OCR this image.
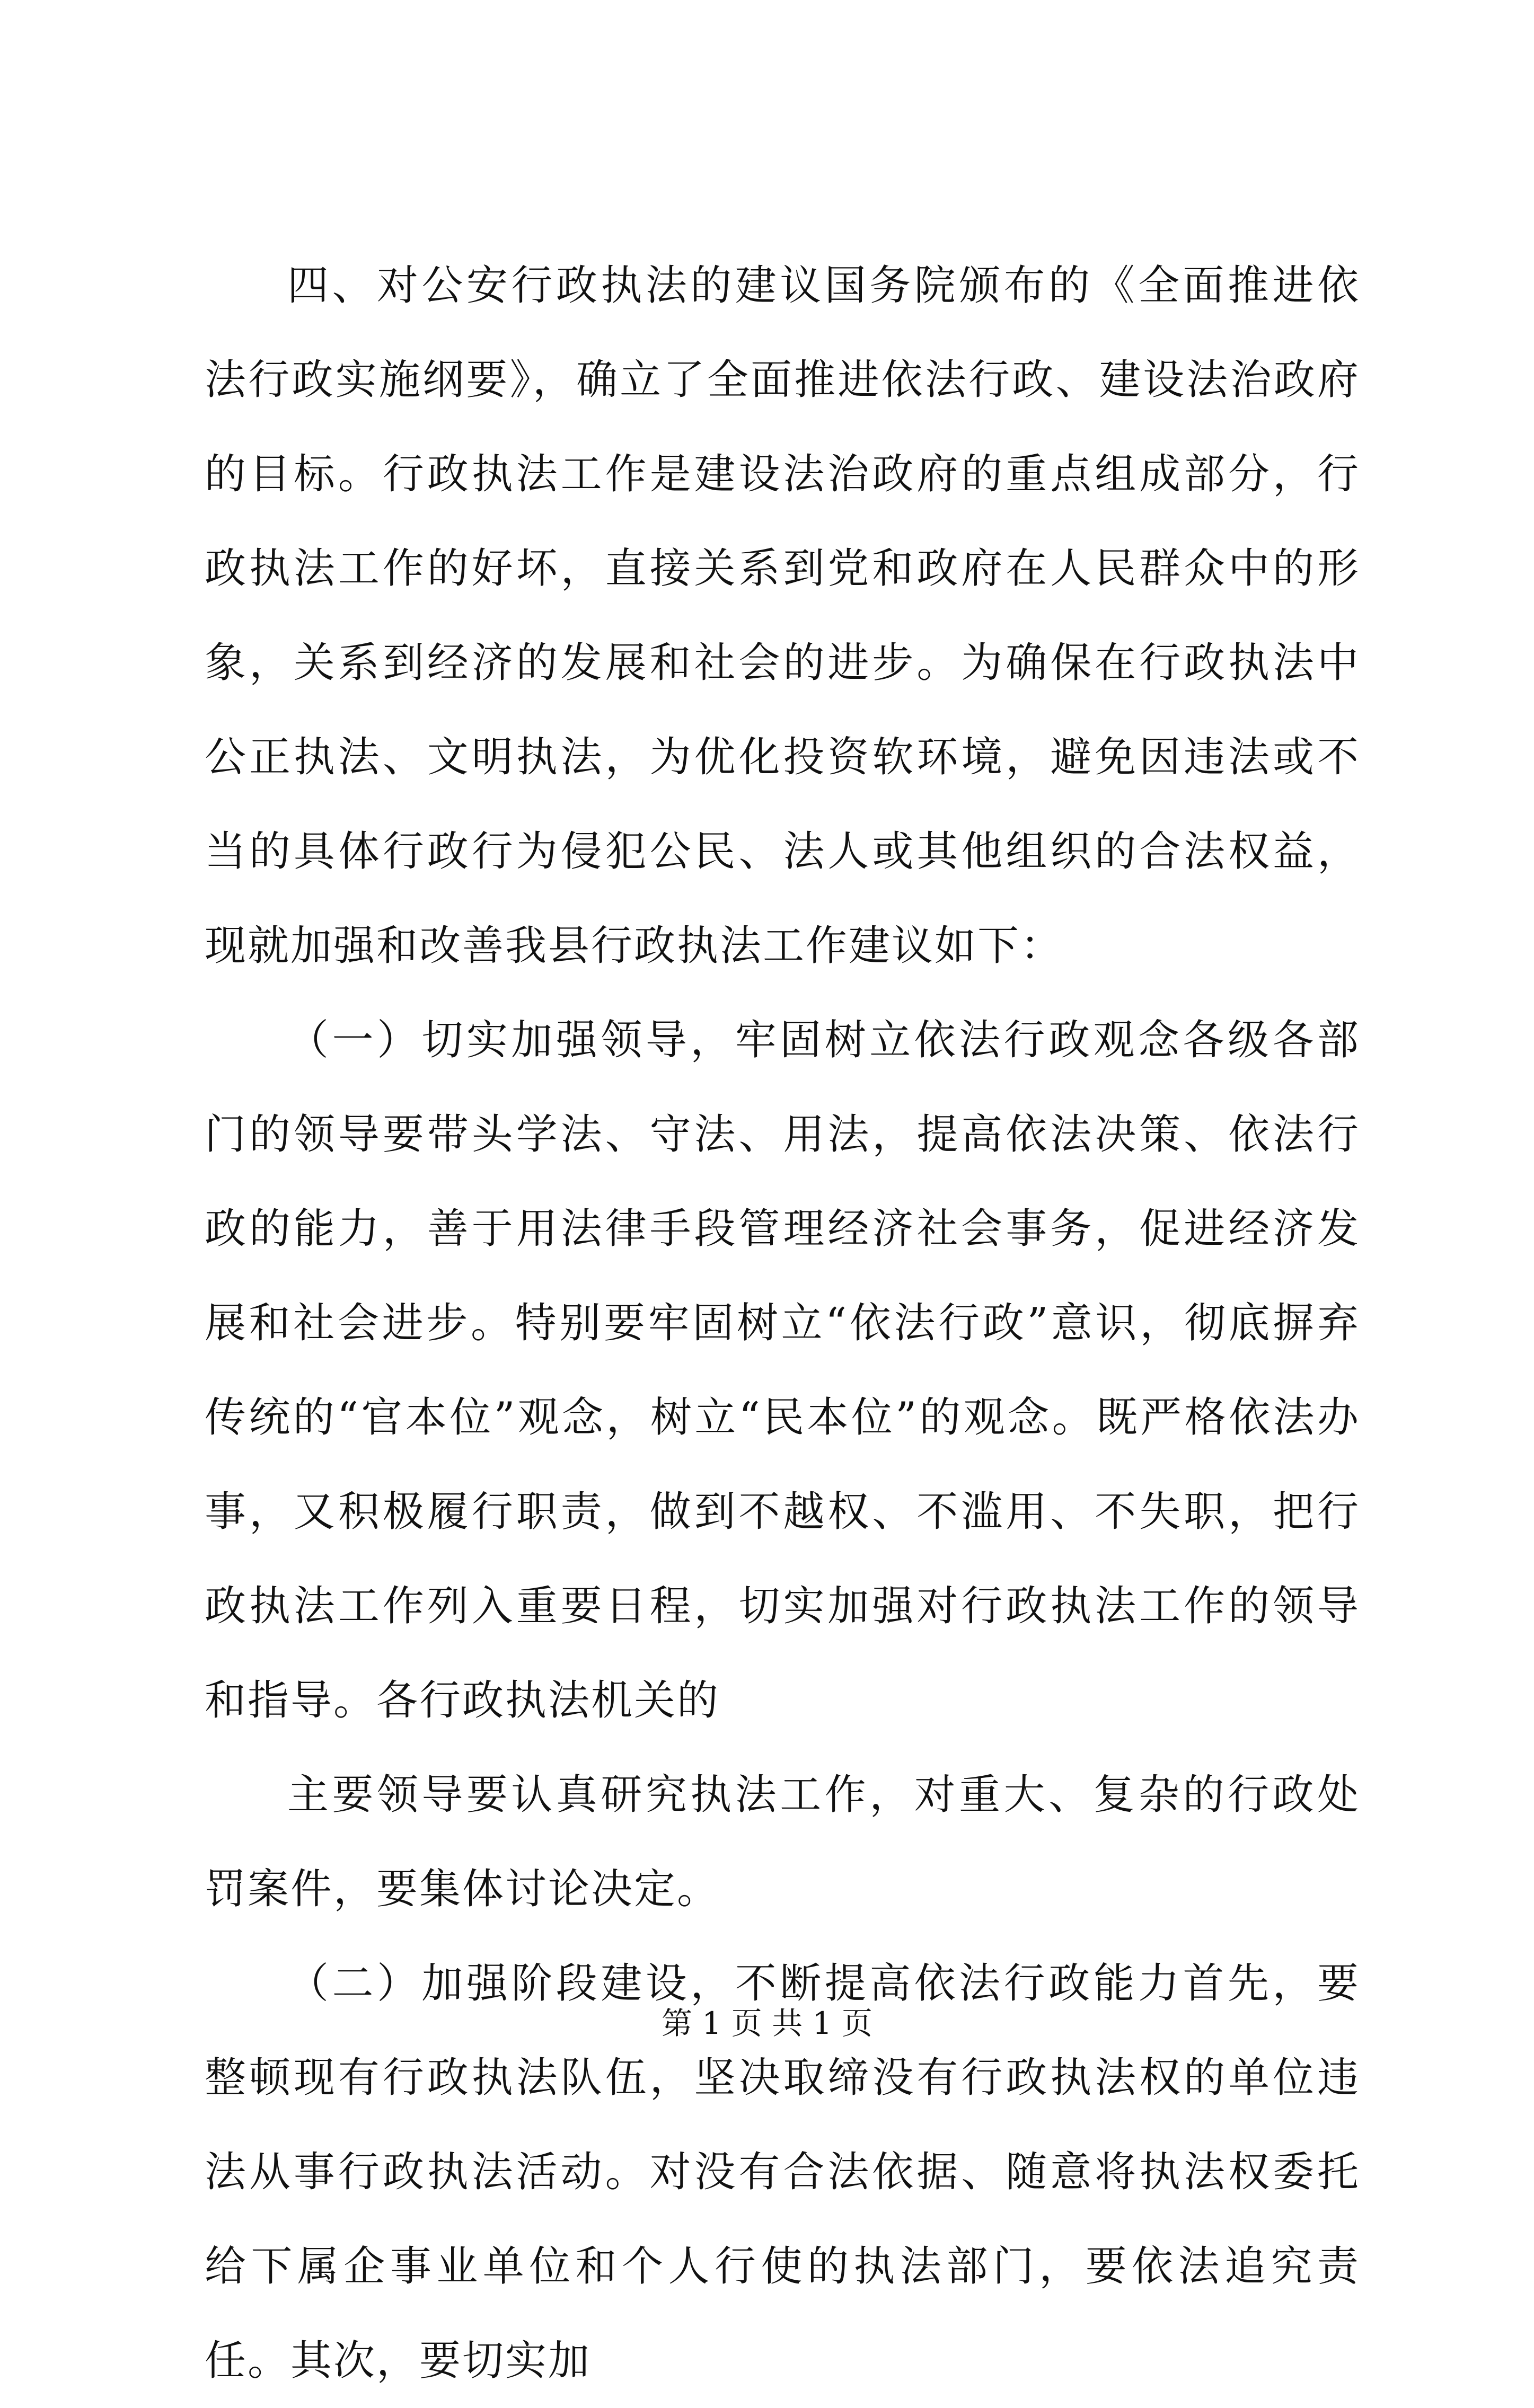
四、对公安行政执法的建议国务院颁布的《全面推进依法行政实施纲要》，确立了全面推进依法行政、建设法治政府的目标。行政执法工作是建设法治政府的重点组成部分，行政执法工作的好坏，直接关系到党和政府在人民群众中的形象，关系到经济的发展和社会的进步。为确保在行政执法中公正执法、文明执法，为优化投资软环境，避免因违法或不当的具体行政行为侵犯公民、法人或其他组织的合法权益，现就加强和改善我县行政执法工作建议如下：

（一）切实加强领导，牢固树立依法行政观念各级各部门的领导要带头学法、守法、用法，提高依法决策、依法行政的能力，善于用法律手段管理经济社会事务，促进经济发展和社会进步。特别要牢固树立“依法行政”意识，彻底摒弃传统的“官本位”观念，树立“民本位”的观念。既严格依法办事，又积极履行职责，做到不越权、不滥用、不失职，把行政执法工作列入重要日程，切实加强对行政执法工作的领导和指导。各行政执法机关的

主要领导要认真研究执法工作，对重大、复杂的行政处罚案件，要集体讨论决定。

（二）加强阶段建设，不断提高依法行政能力首先，要整顿现有行政执法队伍，坚决取缔没有行政执法权的单位违法从事行政执法活动。对没有合法依据、随意将执法权委托给下属企事业单位和个人行使的执法部门，要依法追究责任。其次，要切实加

第 1 页 共 1 页
